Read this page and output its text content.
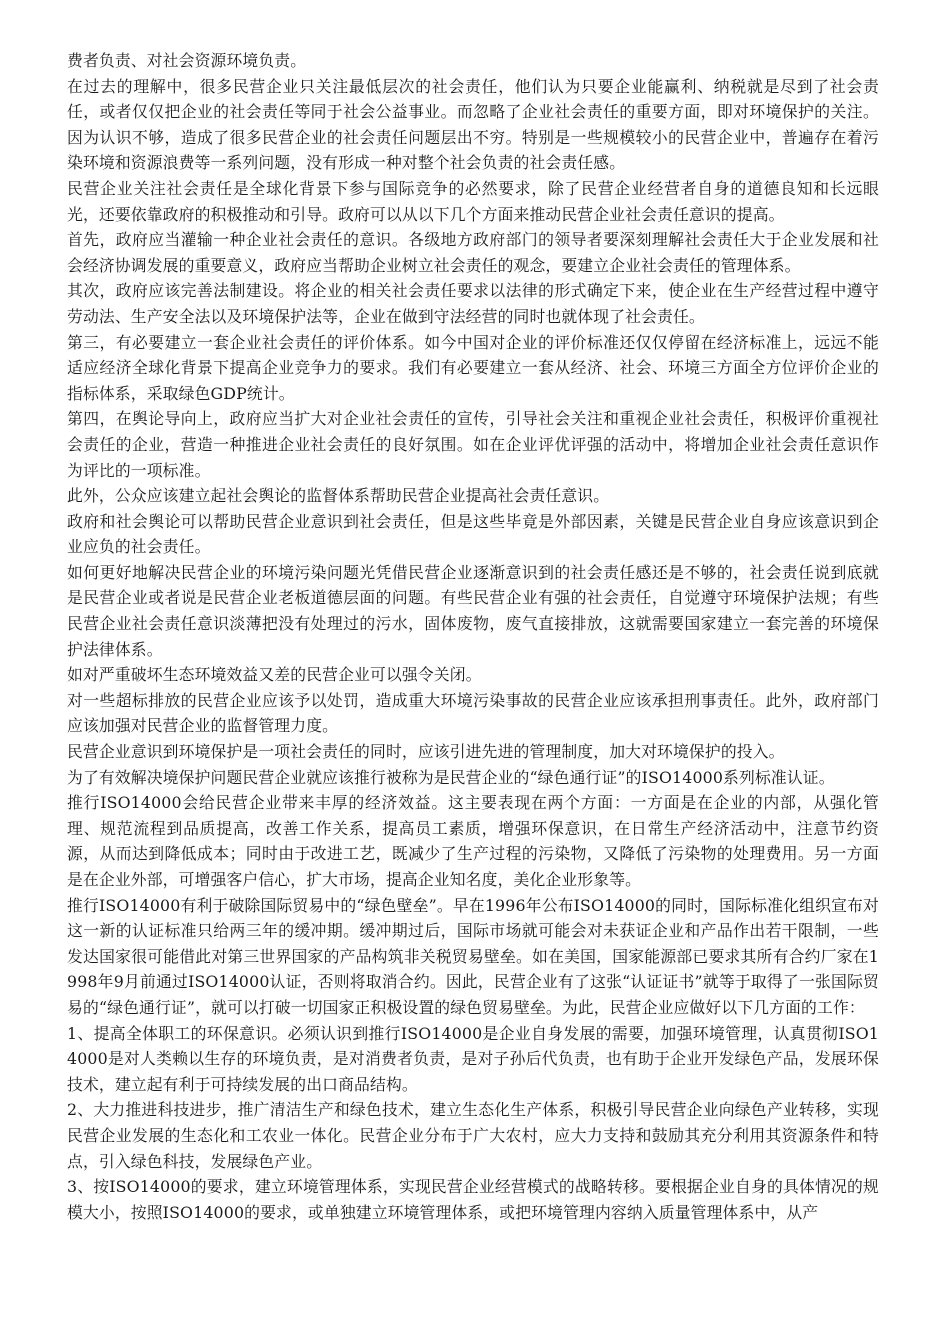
费者负责、对社会资源环境负责。

在过去的理解中，很多民营企业只关注最低层次的社会责任，他们认为只要企业能赢利、纳税就是尽到了社会责任，或者仅仅把企业的社会责任等同于社会公益事业。而忽略了企业社会责任的重要方面，即对环境保护的关注。因为认识不够，造成了很多民营企业的社会责任问题层出不穷。特别是一些规模较小的民营企业中，普遍存在着污染环境和资源浪费等一系列问题，没有形成一种对整个社会负责的社会责任感。

民营企业关注社会责任是全球化背景下参与国际竞争的必然要求，除了民营企业经营者自身的道德良知和长远眼光，还要依靠政府的积极推动和引导。政府可以从以下几个方面来推动民营企业社会责任意识的提高。

首先，政府应当灌输一种企业社会责任的意识。各级地方政府部门的领导者要深刻理解社会责任大于企业发展和社会经济协调发展的重要意义，政府应当帮助企业树立社会责任的观念，要建立企业社会责任的管理体系。

其次，政府应该完善法制建设。将企业的相关社会责任要求以法律的形式确定下来，使企业在生产经营过程中遵守劳动法、生产安全法以及环境保护法等，企业在做到守法经营的同时也就体现了社会责任。

第三，有必要建立一套企业社会责任的评价体系。如今中国对企业的评价标准还仅仅停留在经济标准上，远远不能适应经济全球化背景下提高企业竞争力的要求。我们有必要建立一套从经济、社会、环境三方面全方位评价企业的指标体系，采取绿色GDP统计。

第四，在舆论导向上，政府应当扩大对企业社会责任的宣传，引导社会关注和重视企业社会责任，积极评价重视社会责任的企业，营造一种推进企业社会责任的良好氛围。如在企业评优评强的活动中，将增加企业社会责任意识作为评比的一项标准。

此外，公众应该建立起社会舆论的监督体系帮助民营企业提高社会责任意识。

政府和社会舆论可以帮助民营企业意识到社会责任，但是这些毕竟是外部因素，关键是民营企业自身应该意识到企业应负的社会责任。

如何更好地解决民营企业的环境污染问题光凭借民营企业逐渐意识到的社会责任感还是不够的，社会责任说到底就是民营企业或者说是民营企业老板道德层面的问题。有些民营企业有强的社会责任，自觉遵守环境保护法规；有些民营企业社会责任意识淡薄把没有处理过的污水，固体废物，废气直接排放，这就需要国家建立一套完善的环境保护法律体系。

如对严重破坏生态环境效益又差的民营企业可以强令关闭。

对一些超标排放的民营企业应该予以处罚，造成重大环境污染事故的民营企业应该承担刑事责任。此外，政府部门应该加强对民营企业的监督管理力度。

民营企业意识到环境保护是一项社会责任的同时，应该引进先进的管理制度，加大对环境保护的投入。

为了有效解决境保护问题民营企业就应该推行被称为是民营企业的“绿色通行证”的ISO14000系列标准认证。

推行ISO14000会给民营企业带来丰厚的经济效益。这主要表现在两个方面：一方面是在企业的内部，从强化管理、规范流程到品质提高，改善工作关系，提高员工素质，增强环保意识，在日常生产经济活动中，注意节约资源，从而达到降低成本；同时由于改进工艺，既减少了生产过程的污染物，又降低了污染物的处理费用。另一方面是在企业外部，可增强客户信心，扩大市场，提高企业知名度，美化企业形象等。

推行ISO14000有利于破除国际贸易中的“绿色壁垒”。早在1996年公布ISO14000的同时，国际标准化组织宣布对这一新的认证标准只给两三年的缓冲期。缓冲期过后，国际市场就可能会对未获证企业和产品作出若干限制，一些发达国家很可能借此对第三世界国家的产品构筑非关税贸易壁垒。如在美国，国家能源部已要求其所有合约厂家在1998年9月前通过ISO14000认证，否则将取消合约。因此，民营企业有了这张“认证证书”就等于取得了一张国际贸易的“绿色通行证”，就可以打破一切国家正积极设置的绿色贸易壁垒。为此，民营企业应做好以下几方面的工作：

1、提高全体职工的环保意识。必须认识到推行ISO14000是企业自身发展的需要，加强环境管理，认真贯彻ISO14000是对人类赖以生存的环境负责，是对消费者负责，是对子孙后代负责，也有助于企业开发绿色产品，发展环保技术，建立起有利于可持续发展的出口商品结构。

2、大力推进科技进步，推广清洁生产和绿色技术，建立生态化生产体系，积极引导民营企业向绿色产业转移，实现民营企业发展的生态化和工农业一体化。民营企业分布于广大农村，应大力支持和鼓励其充分利用其资源条件和特点，引入绿色科技，发展绿色产业。

3、按ISO14000的要求，建立环境管理体系，实现民营企业经营模式的战略转移。要根据企业自身的具体情况的规模大小，按照ISO14000的要求，或单独建立环境管理体系，或把环境管理内容纳入质量管理体系中，从产
